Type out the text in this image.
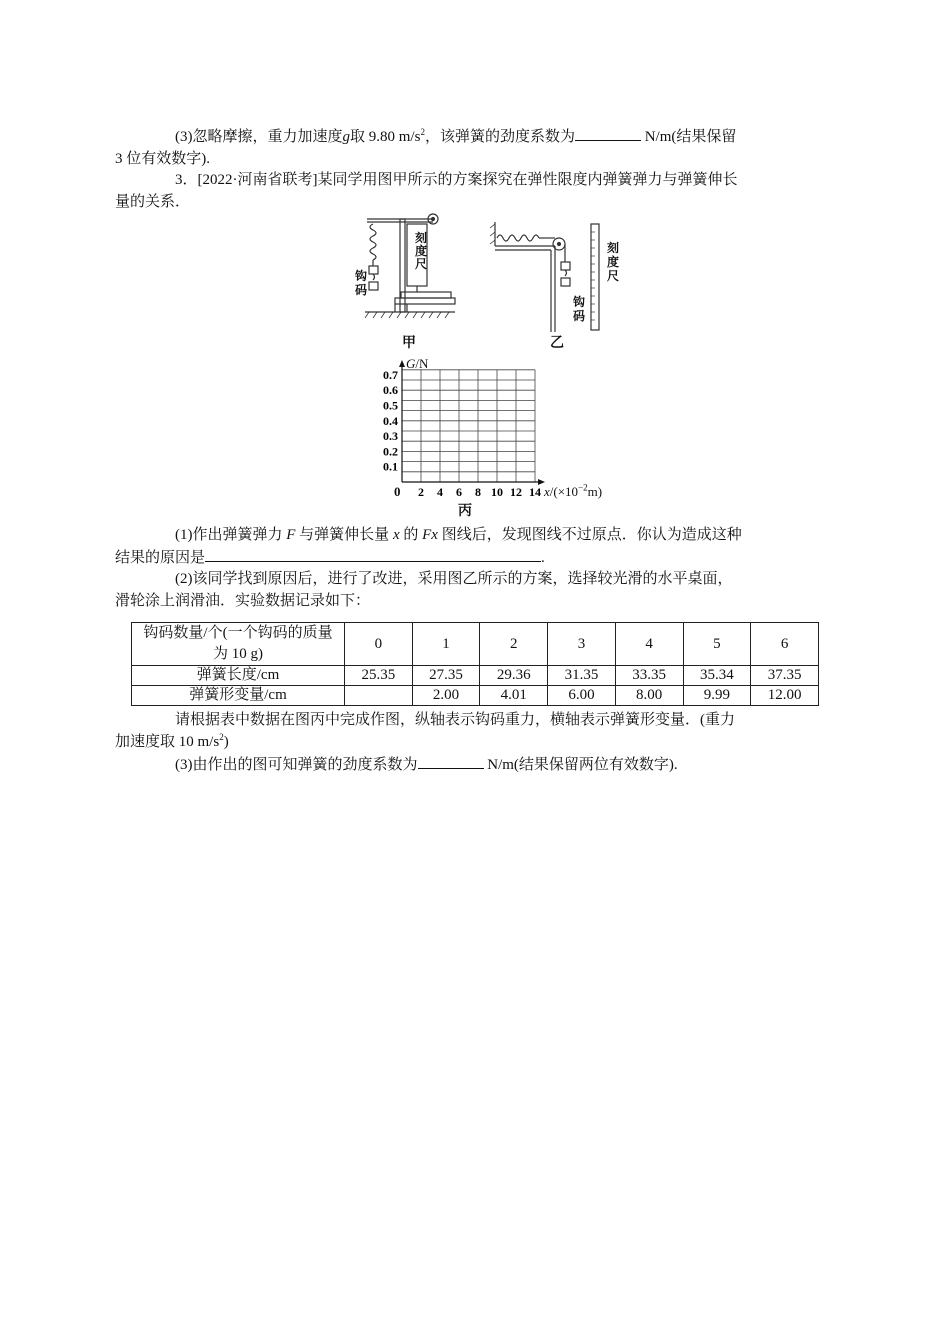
(3)忽略摩擦，重力加速度g取 9.80 $m/s^2$，该弹簧的劲度系数为	N/m(结果保留
3 位有效数字).

3．[2022·河南省联考]某同学用图甲所示的方案探究在弹性限度内弹簧弹力与弹簧伸长
量的关系．

刻
度
尺
钩
码
刻
度
尺
钩
码
甲	乙
0.1
0.2
0.3
0.4
0.5
0.6
0.7
2 4 6 8 10 12 14
G/N
0	$x/(\times 10^{-2}m)$
丙

(1)作出弹簧弹力 F 与弹簧伸长量 x 的 Fx 图线后，发现图线不过原点．你认为造成这种
结果的原因是	.

(2)该同学找到原因后，进行了改进，采用图乙所示的方案，选择较光滑的水平桌面，
滑轮涂上润滑油．实验数据记录如下：

钩码数量/个(一个钩码的质量为 10 g)	0	1	2	3	4	5	6
弹簧长度/cm	25.35	27.35	29.36	31.35	33.35	35.34	37.35
弹簧形变量/cm		2.00	4.01	6.00	8.00	9.99	12.00

请根据表中数据在图丙中完成作图，纵轴表示钩码重力，横轴表示弹簧形变量．(重力
加速度取 10 $m/s^2$)

(3)由作出的图可知弹簧的劲度系数为	N/m(结果保留两位有效数字).
